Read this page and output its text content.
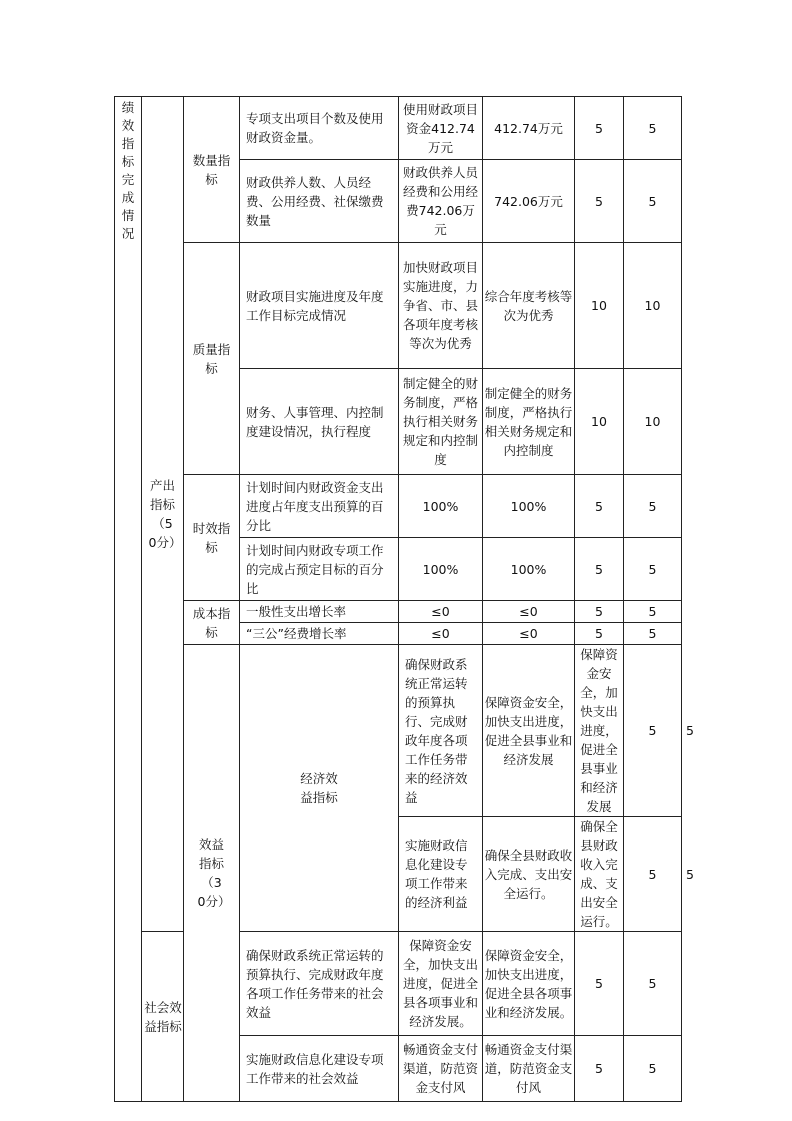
绩效指标完成情况	产出指标（50分）	数量指标	专项支出项目个数及使用财政资金量。	使用财政项目资金412.74万元	412.74万元	5	5	
			财政供养人数、人员经费、公用经费、社保缴费数量	财政供养人员经费和公用经费742.06万元	742.06万元	5	5	

		质量指标	财政项目实施进度及年度工作目标完成情况	加快财政项目实施进度，力争省、市、县各项年度考核等次为优秀	综合年度考核等次为优秀	10	10	
			财务、人事管理、内控制度建设情况，执行程度	制定健全的财务制度，严格执行相关财务规定和内控制度	制定健全的财务制度，严格执行相关财务规定和内控制度	10	10	

		时效指标	计划时间内财政资金支出进度占年度支出预算的百分比	100%	100%	5	5	
			计划时间内财政专项工作的完成占预定目标的百分比	100%	100%	5	5	

		成本指标	一般性支出增长率	≤0	≤0	5	5	
			“三公”经费增长率	≤0	≤0	5	5	

		效益指标（30分）	经济效益指标	确保财政系统正常运转的预算执行、完成财政年度各项工作任务带来的经济效益	保障资金安全，加快支出进度，促进全县事业和经济发展	保障资金安全，加快支出进度，促进全县事业和经济发展	5	5
				实施财政信息化建设专项工作带来的经济利益	确保全县财政收入完成、支出安全运行。	确保全县财政收入完成、支出安全运行。	5	5

	社会效益指标		确保财政系统正常运转的预算执行、完成财政年度各项工作任务带来的社会效益	保障资金安全，加快支出进度，促进全县各项事业和经济发展。	保障资金安全，加快支出进度，促进全县各项事业和经济发展。	5	5	
			实施财政信息化建设专项工作带来的社会效益	畅通资金支付渠道，防范资金支付风	畅通资金支付渠道，防范资金支付风	5	5	
